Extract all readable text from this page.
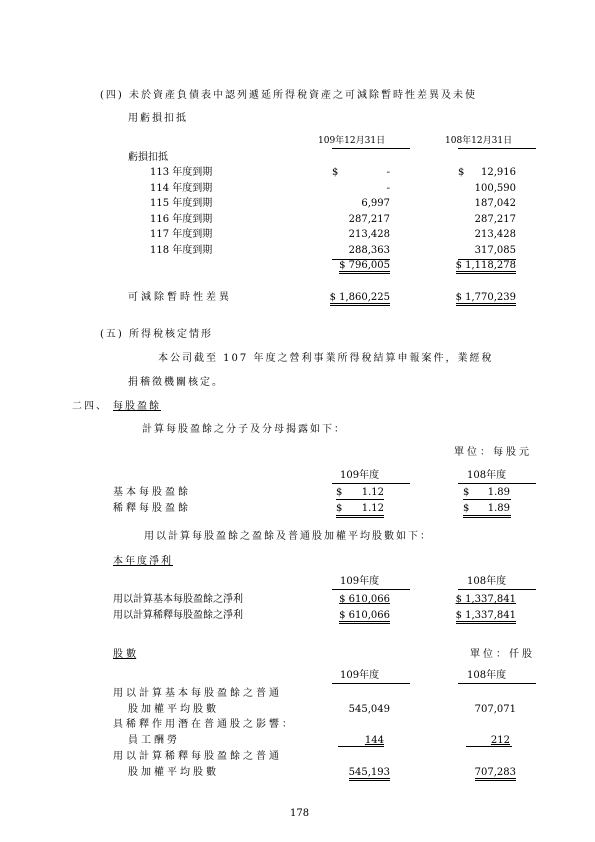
(四) 未於資產負債表中認列遞延所得稅資產之可減除暫時性差異及未使
用虧損扣抵
109年12月31日	108年12月31日
虧損扣抵
113 年度到期	$	-	$	12,916
114 年度到期	-	100,590
115 年度到期	6,997	187,042
116 年度到期	287,217	287,217
117 年度到期	213,428	213,428
118 年度到期	288,363	317,085
$ 796,005	$ 1,118,278
可減除暫時性差異	$ 1,860,225	$ 1,770,239
(五) 所得稅核定情形
本公司截至 107 年度之營利事業所得稅結算申報案件，業經稅
捐稽徵機關核定。
二四、 每股盈餘
計算每股盈餘之分子及分母揭露如下：
單位：每股元
109年度	108年度
基本每股盈餘	$	1.12	$	1.89
稀釋每股盈餘	$	1.12	$	1.89
用以計算每股盈餘之盈餘及普通股加權平均股數如下：
本年度淨利
109年度	108年度
用以計算基本每股盈餘之淨利	$ 610,066	$ 1,337,841
用以計算稀釋每股盈餘之淨利	$ 610,066	$ 1,337,841
股 數	單位：仟股
109年度	108年度
用以計算基本每股盈餘之普通
股加權平均股數	545,049	707,071
具稀釋作用潛在普通股之影響：
員工酬勞	144	212
用以計算稀釋每股盈餘之普通
股加權平均股數	545,193	707,283
178
